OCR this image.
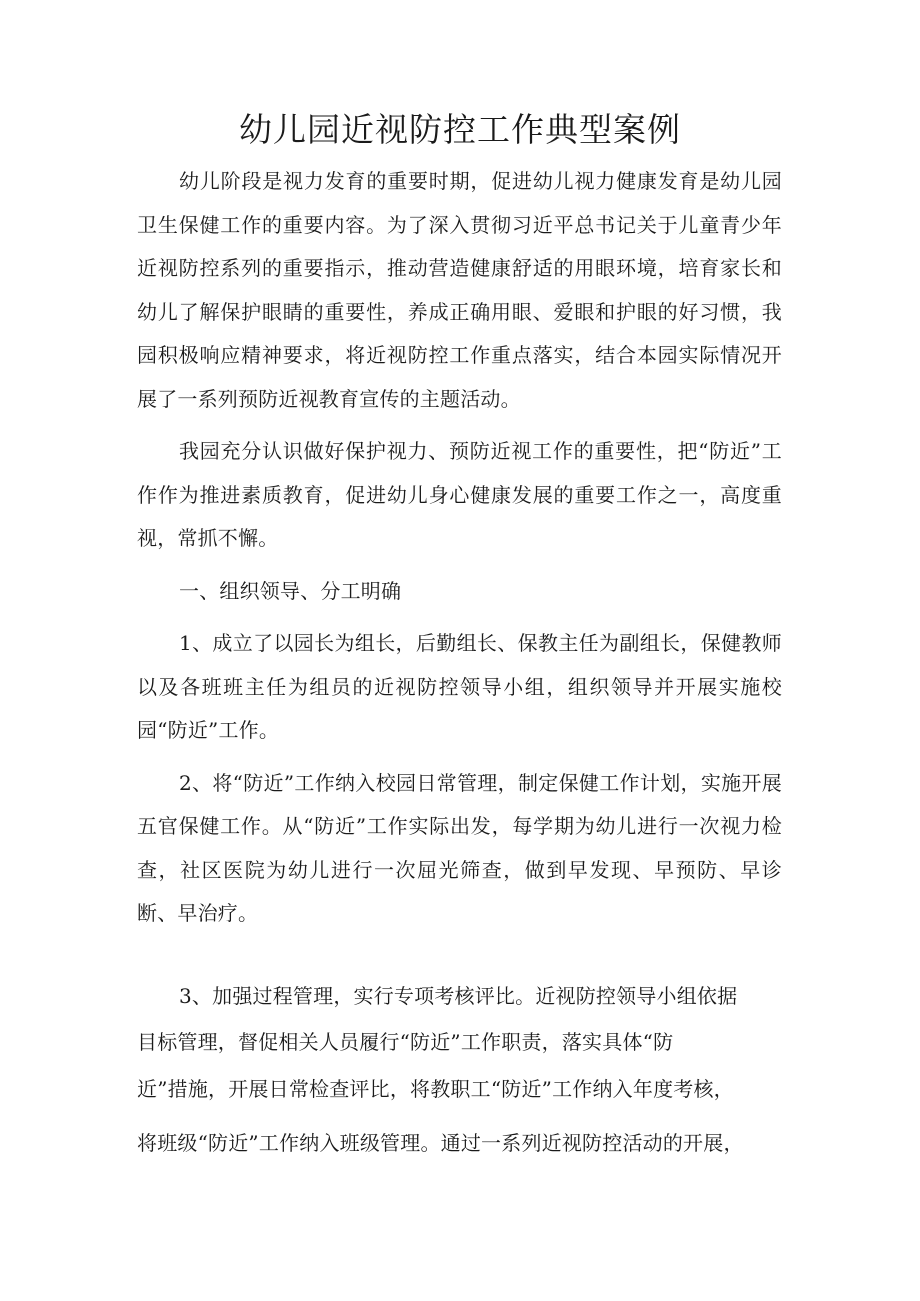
幼儿园近视防控工作典型案例

幼儿阶段是视力发育的重要时期，促进幼儿视力健康发育是幼儿园卫生保健工作的重要内容。为了深入贯彻习近平总书记关于儿童青少年近视防控系列的重要指示，推动营造健康舒适的用眼环境，培育家长和幼儿了解保护眼睛的重要性，养成正确用眼、爱眼和护眼的好习惯，我园积极响应精神要求，将近视防控工作重点落实，结合本园实际情况开展了一系列预防近视教育宣传的主题活动。

我园充分认识做好保护视力、预防近视工作的重要性，把“防近”工作作为推进素质教育，促进幼儿身心健康发展的重要工作之一，高度重视，常抓不懈。

一、组织领导、分工明确

1、成立了以园长为组长，后勤组长、保教主任为副组长，保健教师以及各班班主任为组员的近视防控领导小组，组织领导并开展实施校园“防近”工作。

2、将“防近”工作纳入校园日常管理，制定保健工作计划，实施开展五官保健工作。从“防近”工作实际出发，每学期为幼儿进行一次视力检查，社区医院为幼儿进行一次屈光筛查，做到早发现、早预防、早诊断、早治疗。

3、加强过程管理，实行专项考核评比。近视防控领导小组依据

目标管理，督促相关人员履行“防近”工作职责，落实具体“防

近”措施，开展日常检查评比，将教职工“防近”工作纳入年度考核，

将班级“防近”工作纳入班级管理。通过一系列近视防控活动的开展，
